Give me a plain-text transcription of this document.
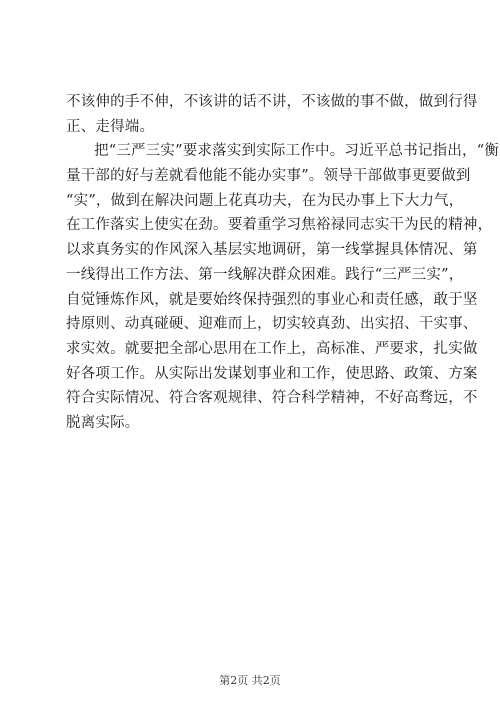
不该伸的手不伸，不该讲的话不讲，不该做的事不做，做到行得
正、走得端。
把“三严三实”要求落实到实际工作中。习近平总书记指出，“衡
量干部的好与差就看他能不能办实事”。领导干部做事更要做到
“实”，做到在解决问题上花真功夫，在为民办事上下大力气，
在工作落实上使实在劲。要着重学习焦裕禄同志实干为民的精神，
以求真务实的作风深入基层实地调研，第一线掌握具体情况、第
一线得出工作方法、第一线解决群众困难。践行“三严三实”，
自觉锤炼作风，就是要始终保持强烈的事业心和责任感，敢于坚
持原则、动真碰硬、迎难而上，切实较真劲、出实招、干实事、
求实效。就要把全部心思用在工作上，高标准、严要求，扎实做
好各项工作。从实际出发谋划事业和工作，使思路、政策、方案
符合实际情况、符合客观规律、符合科学精神，不好高骛远，不
脱离实际。
第2页 共2页
